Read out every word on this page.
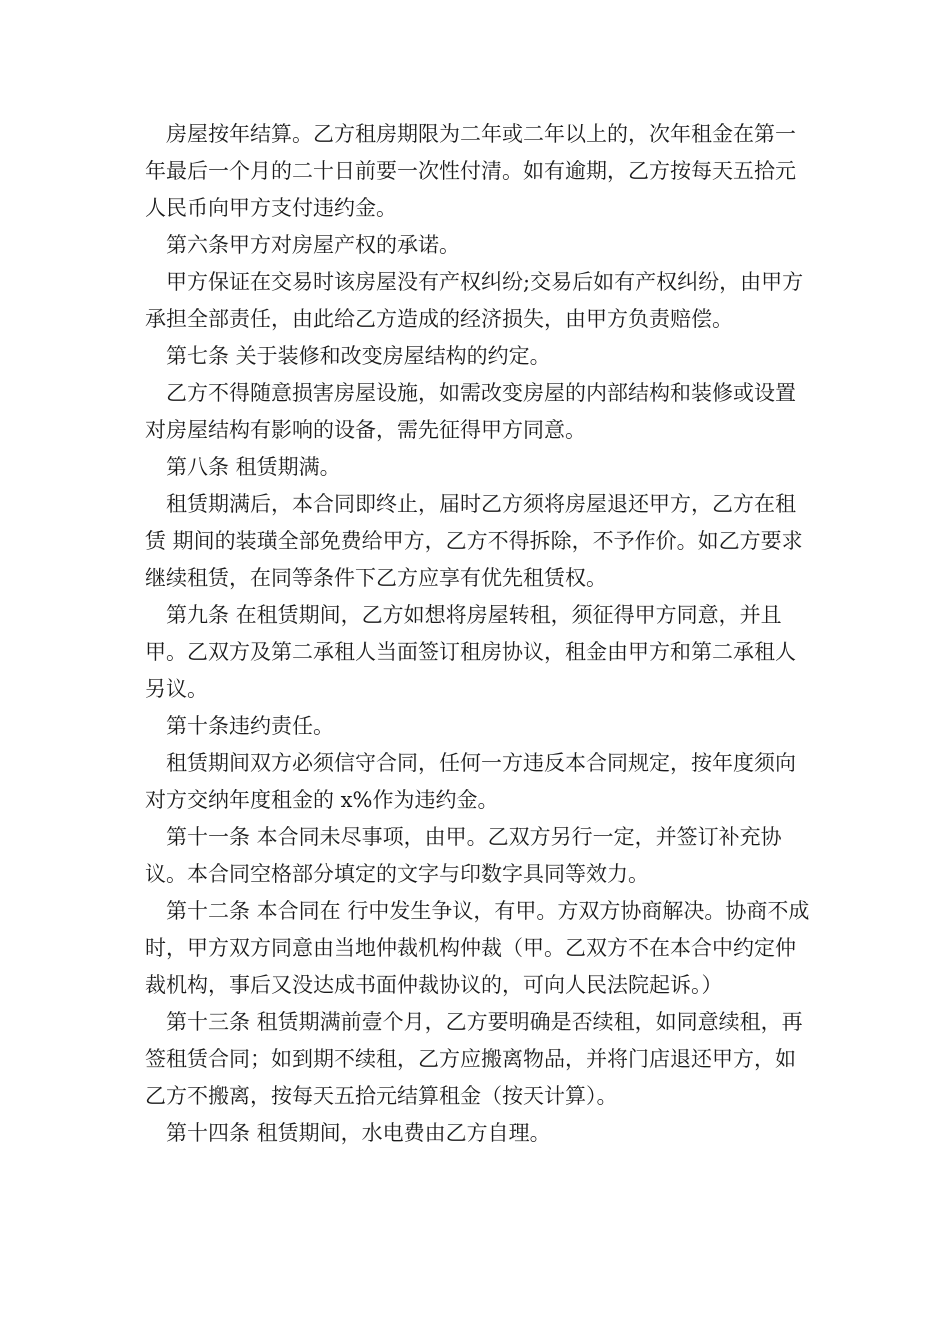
房屋按年结算。乙方租房期限为二年或二年以上的，次年租金在第一年最后一个月的二十日前要一次性付清。如有逾期，乙方按每天五拾元人民币向甲方支付违约金。

第六条甲方对房屋产权的承诺。

甲方保证在交易时该房屋没有产权纠纷;交易后如有产权纠纷，由甲方承担全部责任，由此给乙方造成的经济损失，由甲方负责赔偿。

第七条 关于装修和改变房屋结构的约定。

乙方不得随意损害房屋设施，如需改变房屋的内部结构和装修或设置对房屋结构有影响的设备，需先征得甲方同意。

第八条 租赁期满。

租赁期满后，本合同即终止，届时乙方须将房屋退还甲方，乙方在租赁 期间的装璜全部免费给甲方，乙方不得拆除，不予作价。如乙方要求继续租赁，在同等条件下乙方应享有优先租赁权。

第九条 在租赁期间，乙方如想将房屋转租，须征得甲方同意，并且甲。乙双方及第二承租人当面签订租房协议，租金由甲方和第二承租人另议。

第十条违约责任。

租赁期间双方必须信守合同，任何一方违反本合同规定，按年度须向对方交纳年度租金的 x%作为违约金。

第十一条 本合同未尽事项，由甲。乙双方另行一定，并签订补充协议。本合同空格部分填定的文字与印数字具同等效力。

第十二条 本合同在 行中发生争议，有甲。方双方协商解决。协商不成时，甲方双方同意由当地仲裁机构仲裁（甲。乙双方不在本合中约定仲裁机构，事后又没达成书面仲裁协议的，可向人民法院起诉。）

第十三条 租赁期满前壹个月，乙方要明确是否续租，如同意续租，再签租赁合同；如到期不续租，乙方应搬离物品，并将门店退还甲方，如乙方不搬离，按每天五拾元结算租金（按天计算）。

第十四条 租赁期间，水电费由乙方自理。
